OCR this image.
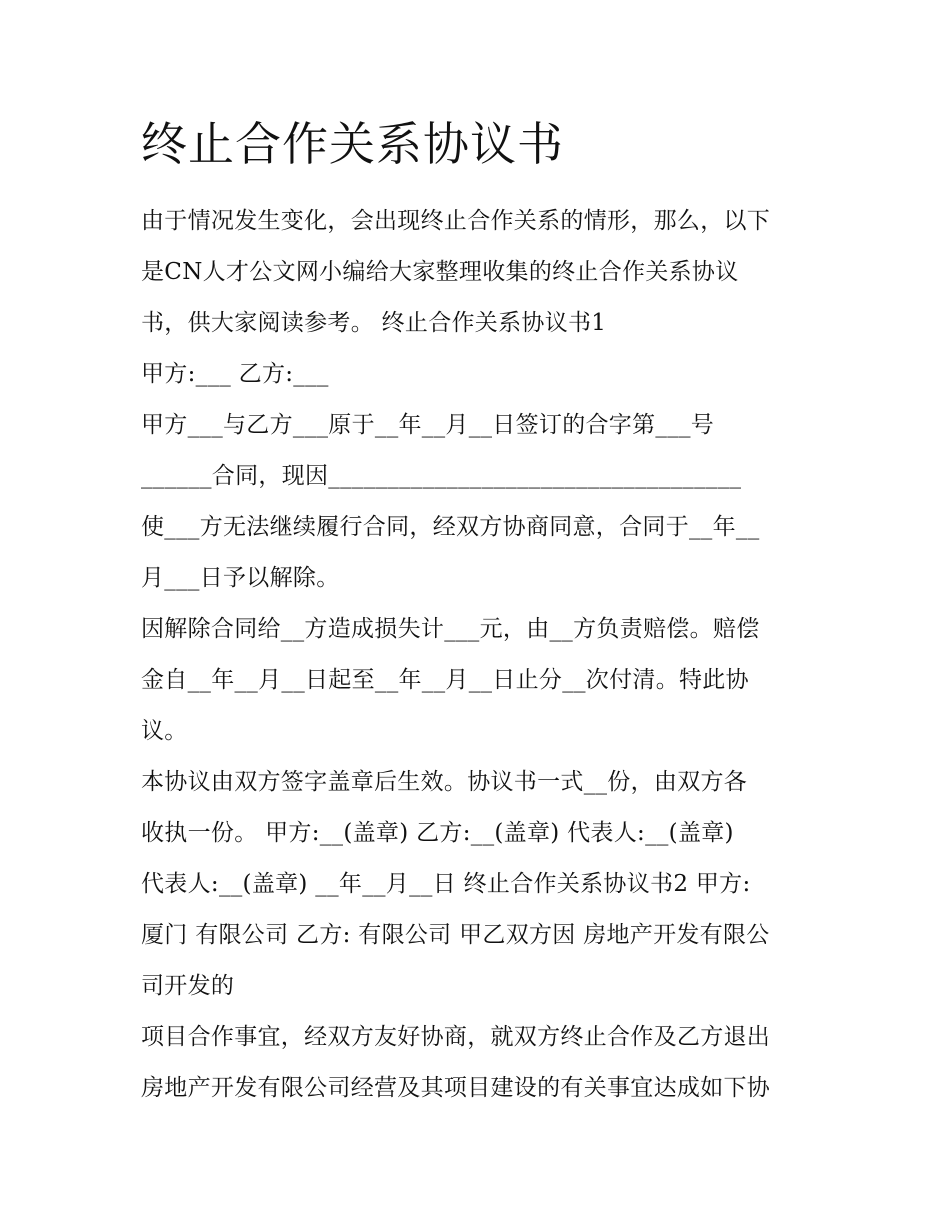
终止合作关系协议书
由于情况发生变化，会出现终止合作关系的情形，那么，以下
是CN人才公文网小编给大家整理收集的终止合作关系协议
书，供大家阅读参考。 终止合作关系协议书1
甲方:___ 乙方:___
甲方___与乙方___原于__年__月__日签订的合字第___号
______合同，现因___________________________________
使___方无法继续履行合同，经双方协商同意，合同于__年__
月___日予以解除。
因解除合同给__方造成损失计___元，由__方负责赔偿。赔偿
金自__年__月__日起至__年__月__日止分__次付清。特此协
议。
本协议由双方签字盖章后生效。协议书一式__份，由双方各
收执一份。 甲方:__(盖章) 乙方:__(盖章) 代表人:__(盖章)
代表人:__(盖章) __年__月__日 终止合作关系协议书2 甲方:
厦门 有限公司 乙方: 有限公司 甲乙双方因 房地产开发有限公
司开发的
项目合作事宜，经双方友好协商，就双方终止合作及乙方退出
房地产开发有限公司经营及其项目建设的有关事宜达成如下协
